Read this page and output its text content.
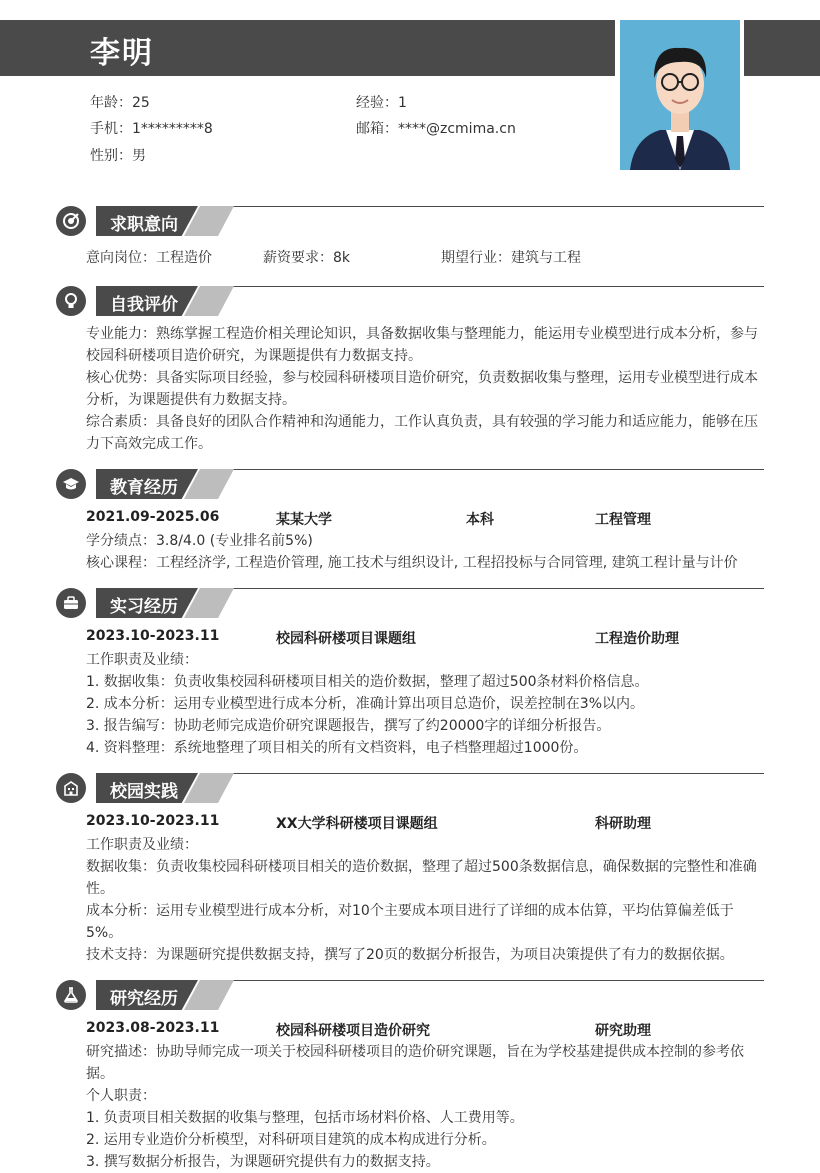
李明
年龄：25	经验：1
手机：1*********8	邮箱：****@zcmima.cn
性别：男
求职意向
意向岗位：工程造价	薪资要求：8k	期望行业：建筑与工程
自我评价
专业能力：熟练掌握工程造价相关理论知识，具备数据收集与整理能力，能运用专业模型进行成本分析，参与
校园科研楼项目造价研究，为课题提供有力数据支持。
核心优势：具备实际项目经验，参与校园科研楼项目造价研究，负责数据收集与整理，运用专业模型进行成本
分析，为课题提供有力数据支持。
综合素质：具备良好的团队合作精神和沟通能力，工作认真负责，具有较强的学习能力和适应能力，能够在压
力下高效完成工作。
教育经历
2021.09-2025.06	某某大学	本科	工程管理
学分绩点：3.8/4.0 (专业排名前5%)
核心课程：工程经济学, 工程造价管理, 施工技术与组织设计, 工程招投标与合同管理, 建筑工程计量与计价
实习经历
2023.10-2023.11	校园科研楼项目课题组	工程造价助理
工作职责及业绩：
1. 数据收集：负责收集校园科研楼项目相关的造价数据，整理了超过500条材料价格信息。
2. 成本分析：运用专业模型进行成本分析，准确计算出项目总造价，误差控制在3%以内。
3. 报告编写：协助老师完成造价研究课题报告，撰写了约20000字的详细分析报告。
4. 资料整理：系统地整理了项目相关的所有文档资料，电子档整理超过1000份。
校园实践
2023.10-2023.11	XX大学科研楼项目课题组	科研助理
工作职责及业绩：
数据收集：负责收集校园科研楼项目相关的造价数据，整理了超过500条数据信息，确保数据的完整性和准确
性。
成本分析：运用专业模型进行成本分析，对10个主要成本项目进行了详细的成本估算，平均估算偏差低于
5%。
技术支持：为课题研究提供数据支持，撰写了20页的数据分析报告，为项目决策提供了有力的数据依据。
研究经历
2023.08-2023.11	校园科研楼项目造价研究	研究助理
研究描述：协助导师完成一项关于校园科研楼项目的造价研究课题，旨在为学校基建提供成本控制的参考依
据。
个人职责：
1. 负责项目相关数据的收集与整理，包括市场材料价格、人工费用等。
2. 运用专业造价分析模型，对科研项目建筑的成本构成进行分析。
3. 撰写数据分析报告，为课题研究提供有力的数据支持。
